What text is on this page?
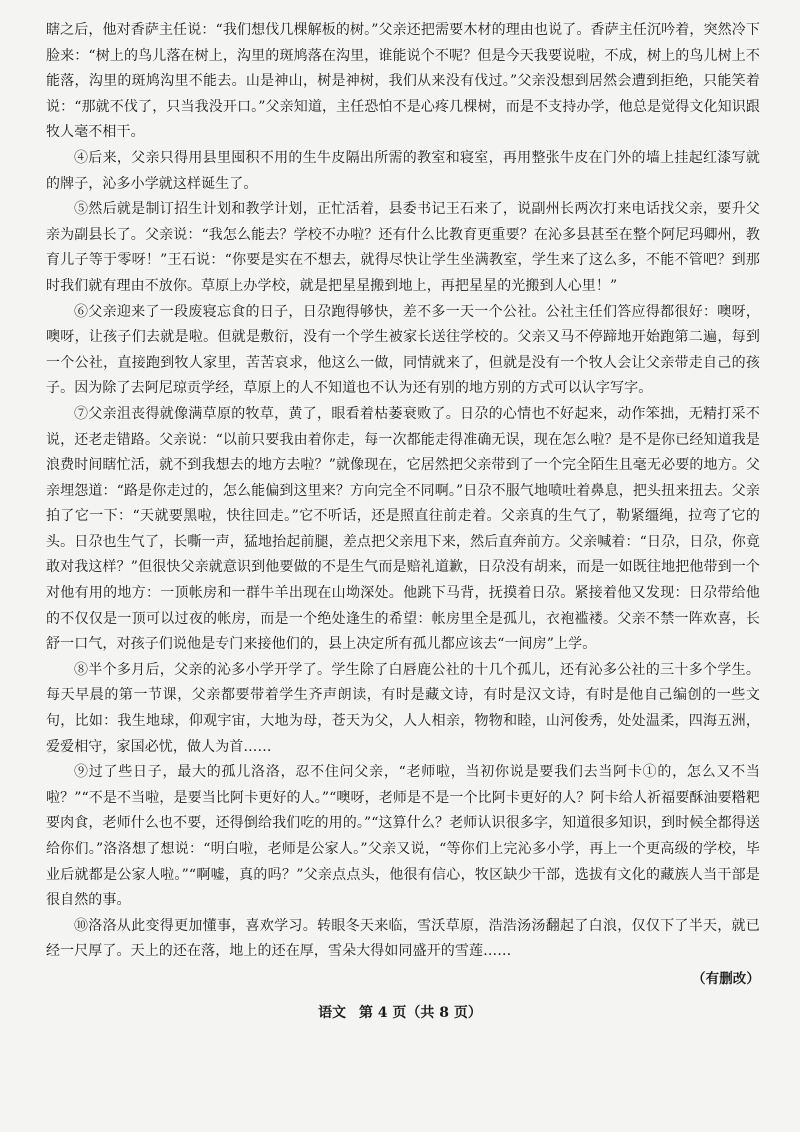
瞎之后，他对香萨主任说：“我们想伐几棵解板的树。”父亲还把需要木材的理由也说了。香萨主任沉吟着，突然冷下脸来：“树上的鸟儿落在树上，沟里的斑鸠落在沟里，谁能说个不呢？但是今天我要说啦，不成，树上的鸟儿树上不能落，沟里的斑鸠沟里不能去。山是神山，树是神树，我们从来没有伐过。”父亲没想到居然会遭到拒绝，只能笑着说：“那就不伐了，只当我没开口。”父亲知道，主任恐怕不是心疼几棵树，而是不支持办学，他总是觉得文化知识跟牧人毫不相干。

④后来，父亲只得用县里囤积不用的生牛皮隔出所需的教室和寝室，再用整张牛皮在门外的墙上挂起红漆写就的牌子，沁多小学就这样诞生了。

⑤然后就是制订招生计划和教学计划，正忙活着，县委书记王石来了，说副州长两次打来电话找父亲，要升父亲为副县长了。父亲说：“我怎么能去？学校不办啦？还有什么比教育更重要？在沁多县甚至在整个阿尼玛卿州，教育儿子等于零呀！”王石说：“你要是实在不想去，就得尽快让学生坐满教室，学生来了这么多，不能不管吧？到那时我们就有理由不放你。草原上办学校，就是把星星搬到地上，再把星星的光搬到人心里！”

⑥父亲迎来了一段废寝忘食的日子，日尕跑得够快，差不多一天一个公社。公社主任们答应得都很好：噢呀，噢呀，让孩子们去就是啦。但就是敷衍，没有一个学生被家长送往学校的。父亲又马不停蹄地开始跑第二遍，每到一个公社，直接跑到牧人家里，苦苦哀求，他这么一做，同情就来了，但就是没有一个牧人会让父亲带走自己的孩子。因为除了去阿尼琼贡学经，草原上的人不知道也不认为还有别的地方别的方式可以认字写字。

⑦父亲沮丧得就像满草原的牧草，黄了，眼看着枯萎衰败了。日尕的心情也不好起来，动作笨拙，无精打采不说，还老走错路。父亲说：“以前只要我由着你走，每一次都能走得准确无误，现在怎么啦？是不是你已经知道我是浪费时间瞎忙活，就不到我想去的地方去啦？”就像现在，它居然把父亲带到了一个完全陌生且毫无必要的地方。父亲埋怨道：“路是你走过的，怎么能偏到这里来？方向完全不同啊。”日尕不服气地喷吐着鼻息，把头扭来扭去。父亲拍了它一下：“天就要黑啦，快往回走。”它不听话，还是照直往前走着。父亲真的生气了，勒紧缰绳，拉弯了它的头。日尕也生气了，长嘶一声，猛地抬起前腿，差点把父亲甩下来，然后直奔前方。父亲喊着：“日尕，日尕，你竟敢对我这样？”但很快父亲就意识到他要做的不是生气而是赔礼道歉，日尕没有胡来，而是一如既往地把他带到一个对他有用的地方：一顶帐房和一群牛羊出现在山坳深处。他跳下马背，抚摸着日尕。紧接着他又发现：日尕带给他的不仅仅是一顶可以过夜的帐房，而是一个绝处逢生的希望：帐房里全是孤儿，衣袍褴褛。父亲不禁一阵欢喜，长舒一口气，对孩子们说他是专门来接他们的，县上决定所有孤儿都应该去“一间房”上学。

⑧半个多月后，父亲的沁多小学开学了。学生除了白唇鹿公社的十几个孤儿，还有沁多公社的三十多个学生。每天早晨的第一节课，父亲都要带着学生齐声朗读，有时是藏文诗，有时是汉文诗，有时是他自己编创的一些文句，比如：我生地球，仰观宇宙，大地为母，苍天为父，人人相亲，物物和睦，山河俊秀，处处温柔，四海五洲，爱爱相守，家国必忧，做人为首……

⑨过了些日子，最大的孤儿洛洛，忍不住问父亲，“老师啦，当初你说是要我们去当阿卡①的，怎么又不当啦？”“不是不当啦，是要当比阿卡更好的人。”“噢呀，老师是不是一个比阿卡更好的人？阿卡给人祈福要酥油要糌粑要肉食，老师什么也不要，还得倒给我们吃的用的。”“这算什么？老师认识很多字，知道很多知识，到时候全都得送给你们。”洛洛想了想说：“明白啦，老师是公家人。”父亲又说，“等你们上完沁多小学，再上一个更高级的学校，毕业后就都是公家人啦。”“啊嘘，真的吗？”父亲点点头，他很有信心，牧区缺少干部，选拔有文化的藏族人当干部是很自然的事。

⑩洛洛从此变得更加懂事，喜欢学习。转眼冬天来临，雪沃草原，浩浩汤汤翻起了白浪，仅仅下了半天，就已经一尺厚了。天上的还在落，地上的还在厚，雪朵大得如同盛开的雪莲……

（有删改）

语文 第 4 页（共 8 页）
